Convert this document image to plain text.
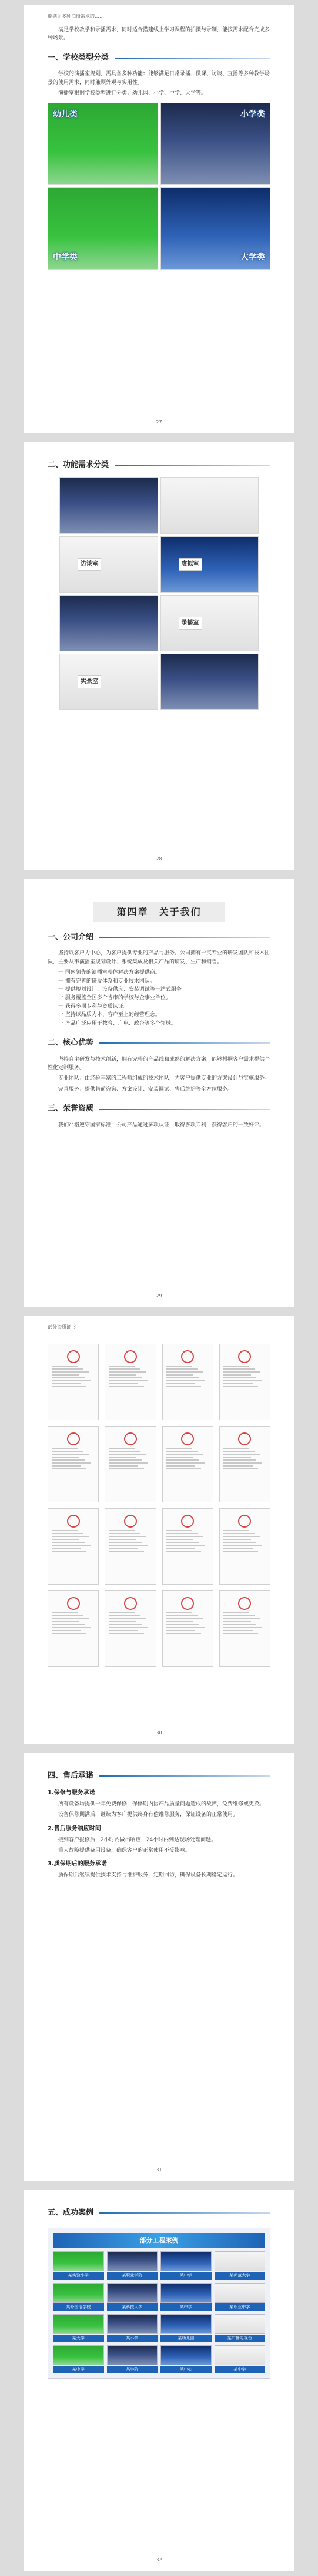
能满足多种拍摄需求的……

满足学校教学和录播需求，同时适合搭建线上学习课程的拍摄与录制，能按需求配合完成多种场景。

一、学校类型分类

学校的演播室规划，需具备多种功能：能够满足日常录播、微课、访谈、直播等多种教学场景的使用需求，同时兼顾外观与实用性。

演播室根据学校类型进行分类：幼儿园、小学、中学、大学等。

幼儿类	小学类
中学类	大学类
27
二、功能需求分类
访谈室	虚拟室
录播室
实景室
28
第四章　关于我们
一、公司介绍

坚持以客户为中心，为客户提供专业的产品与服务。公司拥有一支专业的研发团队和技术团队，主要从事演播室规划设计、系统集成及相关产品的研发、生产和销售。

一 国内领先的演播室整体解决方案提供商。
一 拥有完善的研发体系和专业技术团队。
一 提供规划设计、设备供应、安装调试等一站式服务。
一 服务覆盖全国多个省市的学校与企事业单位。
一 获得多项专利与资质认证。
一 坚持以品质为本、客户至上的经营理念。
一 产品广泛应用于教育、广电、政企等多个领域。
二、核心优势

坚持自主研发与技术创新，拥有完整的产品线和成熟的解决方案，能够根据客户需求提供个性化定制服务。

专业团队：由经验丰富的工程师组成的技术团队，为客户提供专业的方案设计与实施服务。

完善服务：提供售前咨询、方案设计、安装调试、售后维护等全方位服务。

三、荣誉资质

我们严格遵守国家标准，公司产品通过多项认证，取得多项专利，获得客户的一致好评。

29
部分资质证书
30
四、售后承诺
1.保修与服务承诺

所有设备均提供一年免费保修，保修期内因产品质量问题造成的故障，免费维修或更换。

设备保修期满后，继续为客户提供终身有偿维修服务，保证设备的正常使用。

2.售后服务响应时间

接到客户报修后，2小时内做出响应，24小时内到达现场处理问题。

重大故障提供备用设备，确保客户的正常使用不受影响。

3.质保期后的服务承诺

质保期后继续提供技术支持与维护服务，定期回访，确保设备长期稳定运行。

31
五、成功案例
部分工程案例
某实验小学	某职业学院	某中学	某师范大学
某外国语学校	某科技大学	某中学	某职业中学
某大学	某小学	某幼儿园	某广播电视台
某中学	某学院	某中心	某中学
32
